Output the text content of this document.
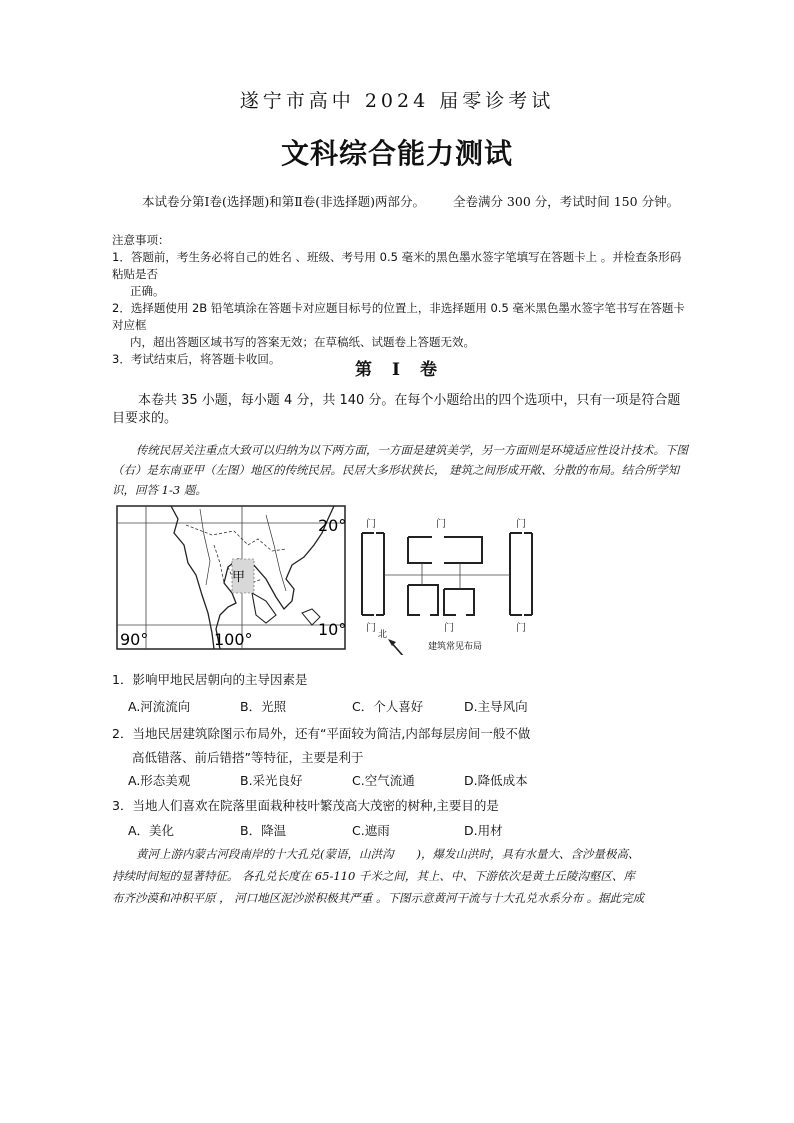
遂宁市高中 2024 届零诊考试
文科综合能力测试
本试卷分第Ⅰ卷(选择题)和第Ⅱ卷(非选择题)两部分。 全卷满分 300 分，考试时间 150 分钟。

注意事项：

1．答题前，考生务必将自己的姓名 、班级、考号用 0.5 毫米的黑色墨水签字笔填写在答题卡上 。并检查条形码粘贴是否

正确。

2．选择题使用 2B 铅笔填涂在答题卡对应题目标号的位置上，非选择题用 0.5 毫米黑色墨水签字笔书写在答题卡对应框

内，超出答题区域书写的答案无效；在草稿纸、试题卷上答题无效。

3．考试结束后，将答题卡收回。

第 Ⅰ 卷
本卷共 35 小题，每小题 4 分，共 140 分。在每个小题给出的四个选项中，只有一项是符合题目要求的。
传统民居关注重点大致可以归纳为以下两方面，一方面是建筑美学，另一方面则是环境适应性设计技术。下图（右）是东南亚甲（左图）地区的传统民居。民居大多形状狭长， 建筑之间形成开敞、分散的布局。结合所学知识，回答 1-3 题。
甲
20°
10°
90°	100°
门	门	门
门	门	门
北
建筑常见布局
1．影响甲地民居朝向的主导因素是
A.河流流向	B．光照	C．个人喜好	D.主导风向
2．当地民居建筑除图示布局外，还有“平面较为简洁,内部每层房间一般不做
高低错落、前后错搭”等特征，主要是利于
A.形态美观	B.采光良好	C.空气流通	D.降低成本
3．当地人们喜欢在院落里面栽种枝叶繁茂高大茂密的树种,主要目的是
A．美化	B．降温	C.遮雨	D.用材

黄河上游内蒙古河段南岸的十大孔兑(蒙语，山洪沟　　)，爆发山洪时，具有水量大、含沙量极高、

持续时间短的显著特征。 各孔兑长度在 65-110 千米之间，其上、中、下游依次是黄土丘陵沟壑区、库

布齐沙漠和冲积平原 ， 河口地区泥沙淤积极其严重 。下图示意黄河干流与十大孔兑水系分布 。据此完成
